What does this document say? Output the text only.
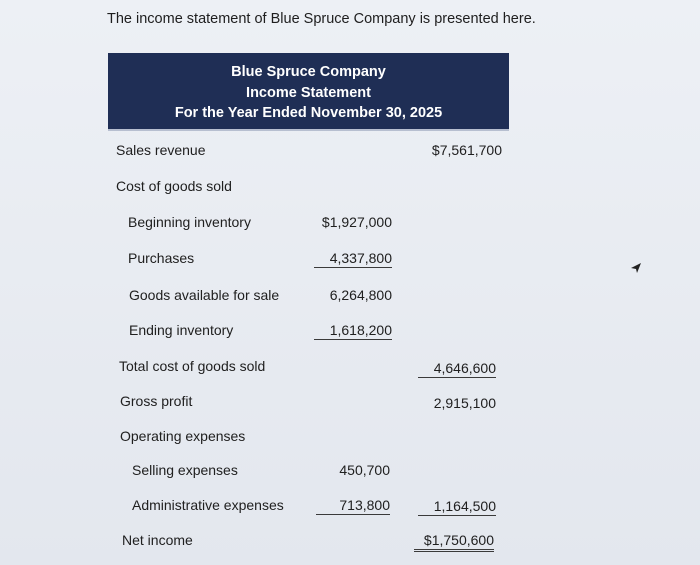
The income statement of Blue Spruce Company is presented here.
Blue Spruce Company
Income Statement
For the Year Ended November 30, 2025
Sales revenue	$7,561,700
Cost of goods sold
Beginning inventory	$1,927,000
Purchases	4,337,800
Goods available for sale	6,264,800
Ending inventory	1,618,200
Total cost of goods sold	4,646,600
Gross profit	2,915,100
Operating expenses
Selling expenses	450,700
Administrative expenses	713,800	1,164,500
Net income	$1,750,600
